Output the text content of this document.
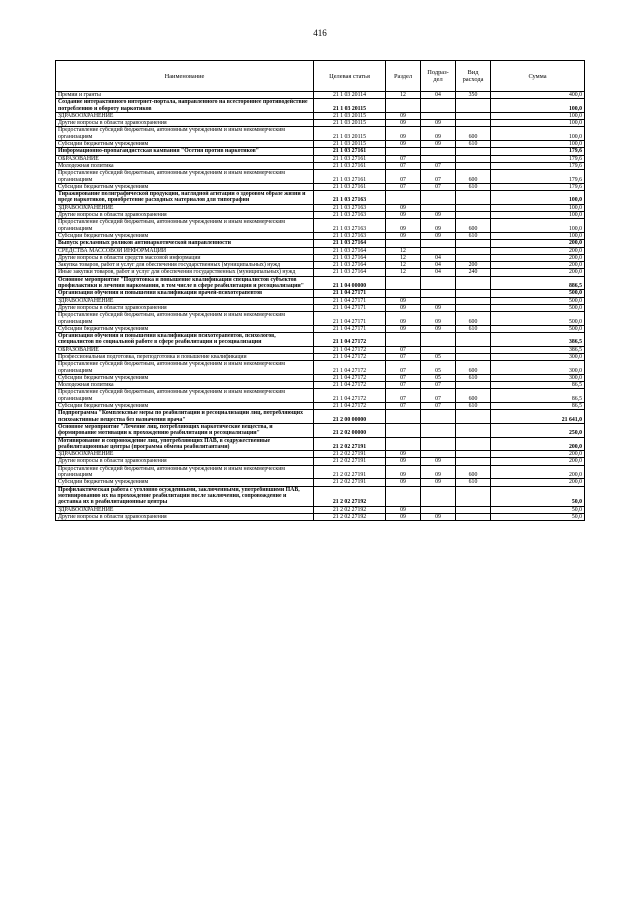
416
Наименование	Целевая статья	Раздел	Подраз-дел	Вид расхода	Сумма
Премии и гранты	21 1 03 20114	12	04	350	400,0
Создание интерактивного интернет-портала, направленного на всестороннее противодействие потреблению и обороту наркотиков	21 1 03 20115				100,0
ЗДРАВООХРАНЕНИЕ	21 1 03 20115	09			100,0
Другие вопросы в области здравоохранения	21 1 03 20115	09	09		100,0
Предоставление субсидий бюджетным, автономным учреждениям и иным некоммерческим организациям	21 1 03 20115	09	09	600	100,0
Субсидии бюджетным учреждениям	21 1 03 20115	09	09	610	100,0
Информационно-пропагандистская кампания "Осетия против наркотиков"	21 1 03 27161				179,6
ОБРАЗОВАНИЕ	21 1 03 27161	07			179,6
Молодежная политика	21 1 03 27161	07	07		179,6
Предоставление субсидий бюджетным, автономным учреждениям и иным некоммерческим организациям	21 1 03 27161	07	07	600	179,6
Субсидии бюджетным учреждениям	21 1 03 27161	07	07	610	179,6
Тиражирование полиграфической продукции, наглядной агитации о здоровом образе жизни и вреде наркотиков, приобретение расходных материалов для типографии	21 1 03 27163				100,0
ЗДРАВООХРАНЕНИЕ	21 1 03 27163	09			100,0
Другие вопросы в области здравоохранения	21 1 03 27163	09	09		100,0
Предоставление субсидий бюджетным, автономным учреждениям и иным некоммерческим организациям	21 1 03 27163	09	09	600	100,0
Субсидии бюджетным учреждениям	21 1 03 27163	09	09	610	100,0
Выпуск рекламных роликов антинаркотической направленности	21 1 03 27164				200,0
СРЕДСТВА МАССОВОЙ ИНФОРМАЦИИ	21 1 03 27164	12			200,0
Другие вопросы в области средств массовой информации	21 1 03 27164	12	04		200,0
Закупка товаров, работ и услуг для обеспечения государственных (муниципальных) нужд	21 1 03 27164	12	04	200	200,0
Иные закупки товаров, работ и услуг для обеспечения государственных (муниципальных) нужд	21 1 03 27164	12	04	240	200,0
Основное мероприятие "Подготовка и повышение квалификации специалистов субъектов профилактики и лечения наркомании, в том числе в сфере реабилитации и ресоциализации"	21 1 04 00000				886,5
Организация обучения и повышения квалификации врачей-психотерапевтов	21 1 04 27171				500,0
ЗДРАВООХРАНЕНИЕ	21 1 04 27171	09			500,0
Другие вопросы в области здравоохранения	21 1 04 27171	09	09		500,0
Предоставление субсидий бюджетным, автономным учреждениям и иным некоммерческим организациям	21 1 04 27171	09	09	600	500,0
Субсидии бюджетным учреждениям	21 1 04 27171	09	09	610	500,0
Организация обучения и повышения квалификации психотерапевтов, психологов, специалистов по социальной работе в сфере реабилитации и ресоциализации	21 1 04 27172				386,5
ОБРАЗОВАНИЕ	21 1 04 27172	07			386,5
Профессиональная подготовка, переподготовка и повышение квалификации	21 1 04 27172	07	05		300,0
Предоставление субсидий бюджетным, автономным учреждениям и иным некоммерческим организациям	21 1 04 27172	07	05	600	300,0
Субсидии бюджетным учреждениям	21 1 04 27172	07	05	610	300,0
Молодежная политика	21 1 04 27172	07	07		86,5
Предоставление субсидий бюджетным, автономным учреждениям и иным некоммерческим организациям	21 1 04 27172	07	07	600	86,5
Субсидии бюджетным учреждениям	21 1 04 27172	07	07	610	86,5
Подпрограмма "Комплексные меры по реабилитации и ресоциализации лиц, потребляющих психоактивные вещества без назначения врача"	21 2 00 00000				21 641,0
Основное мероприятие "Лечение лиц, потребляющих наркотические вещества, и формирование мотивации к прохождению реабилитации и ресоциализации"	21 2 02 00000				250,0
Мотивирование и сопровождение лиц, употребляющих ПАВ, в содружественные реабилитационные центры (программа обмена реабилитантами)	21 2 02 27191				200,0
ЗДРАВООХРАНЕНИЕ	21 2 02 27191	09			200,0
Другие вопросы в области здравоохранения	21 2 02 27191	09	09		200,0
Предоставление субсидий бюджетным, автономным учреждениям и иным некоммерческим организациям	21 2 02 27191	09	09	600	200,0
Субсидии бюджетным учреждениям	21 2 02 27191	09	09	610	200,0
Профилактическая работа с уголовно осужденными, заключенными, употребившими ПАВ, мотивированию их на прохождение реабилитации после заключения, сопровождение и доставка их в реабилитационные центры	21 2 02 27192				50,0
ЗДРАВООХРАНЕНИЕ	21 2 02 27192	09			50,0
Другие вопросы в области здравоохранения	21 2 02 27192	09	09		50,0
